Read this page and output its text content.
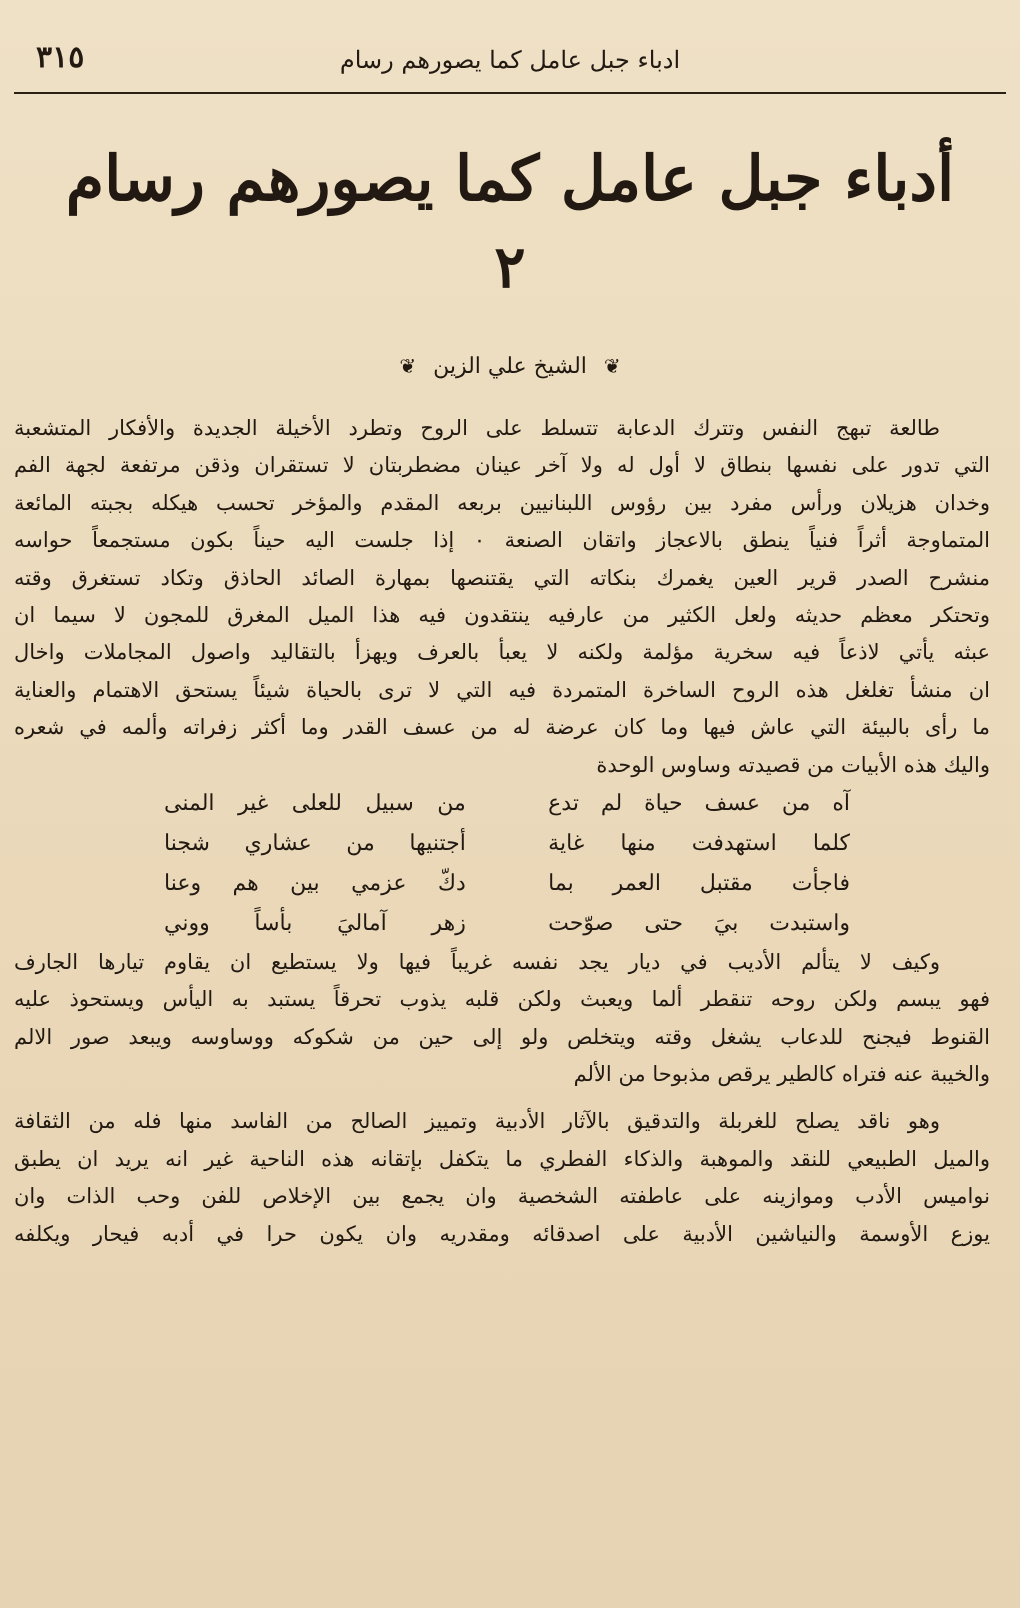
ادباء جبل عامل كما يصورهم رسام
٣١٥
أدباء جبل عامل كما يصورهم رسام
٢
❦ الشيخ علي الزين ❦
طالعة تبهج النفس وتترك الدعابة تتسلط على الروح وتطرد الأخيلة الجديدة والأفكار المتشعبة
التي تدور على نفسها بنطاق لا أول له ولا آخر عينان مضطربتان لا تستقران وذقن مرتفعة لجهة الفم
وخدان هزيلان ورأس مفرد بين رؤوس اللبنانيين بربعه المقدم والمؤخر تحسب هيكله بجبته المائعة
المتماوجة أثراً فنياً ينطق بالاعجاز واتقان الصنعة ٠ إذا جلست اليه حيناً بكون مستجمعاً حواسه
منشرح الصدر قرير العين يغمرك بنكاته التي يقتنصها بمهارة الصائد الحاذق وتكاد تستغرق وقته
وتحتكر معظم حديثه ولعل الكثير من عارفيه ينتقدون فيه هذا الميل المغرق للمجون لا سيما ان
عبثه يأتي لاذعاً فيه سخرية مؤلمة ولكنه لا يعبأ بالعرف ويهزأ بالتقاليد واصول المجاملات واخال
ان منشأ تغلغل هذه الروح الساخرة المتمردة فيه التي لا ترى بالحياة شيئاً يستحق الاهتمام والعناية
ما رأى بالبيئة التي عاش فيها وما كان عرضة له من عسف القدر وما أكثر زفراته وألمه في شعره
واليك هذه الأبيات من قصيدته وساوس الوحدة
آه من عسف حياة لم تدع
من سبيل للعلى غير المنى
كلما استهدفت منها غاية
أجتنيها من عشاري شجنا
فاجأت مقتبل العمر بما
دكّ عزمي بين هم وعنا
واستبدت بيَ حتى صوّحت
زهر آماليَ بأساً ووني
وكيف لا يتألم الأديب في ديار يجد نفسه غريباً فيها ولا يستطيع ان يقاوم تيارها الجارف
فهو يبسم ولكن روحه تنقطر ألما ويعبث ولكن قلبه يذوب تحرقاً يستبد به اليأس ويستحوذ عليه
القنوط فيجنح للدعاب يشغل وقته ويتخلص ولو إلى حين من شكوكه ووساوسه ويبعد صور الالم
والخيبة عنه فتراه كالطير يرقص مذبوحا من الألم
وهو ناقد يصلح للغربلة والتدقيق بالآثار الأدبية وتمييز الصالح من الفاسد منها فله من الثقافة
والميل الطبيعي للنقد والموهبة والذكاء الفطري ما يتكفل بإتقانه هذه الناحية غير انه يريد ان يطبق
نواميس الأدب وموازينه على عاطفته الشخصية وان يجمع بين الإخلاص للفن وحب الذات وان
يوزع الأوسمة والنياشين الأدبية على اصدقائه ومقدريه وان يكون حرا في أدبه فيحار ويكلفه
